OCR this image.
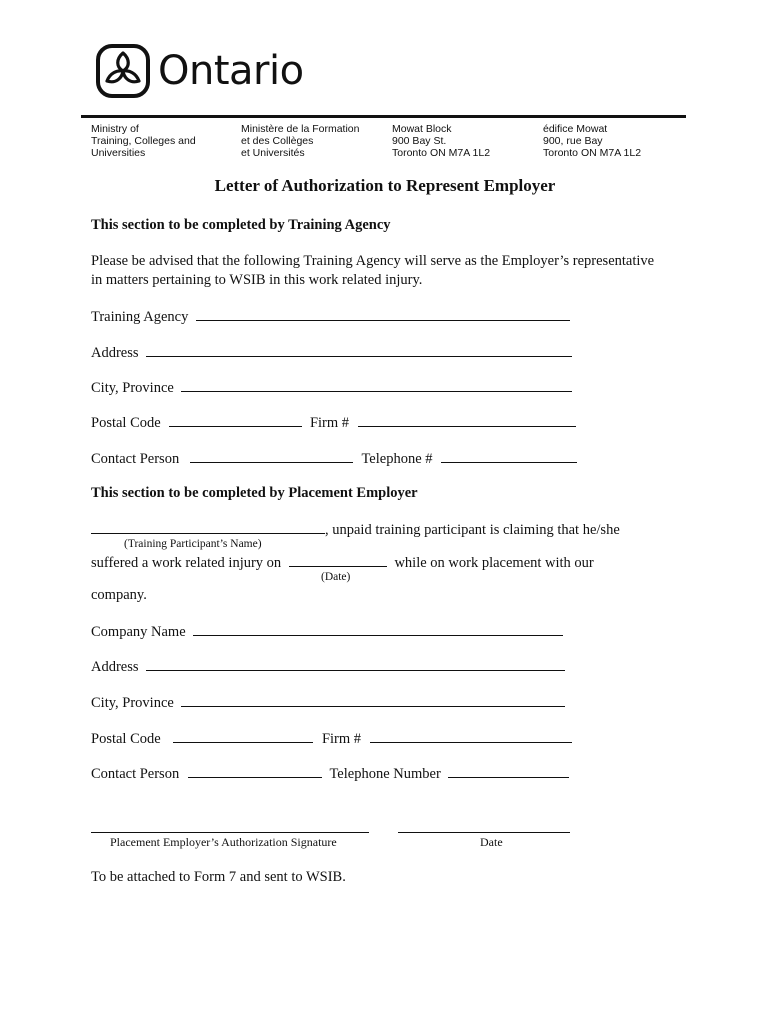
Ontario
Ministry of
Training, Colleges and
Universities
Ministère de la Formation
et des Collèges
et Universités
Mowat Block
900 Bay St.
Toronto ON M7A 1L2
édifice Mowat
900, rue Bay
Toronto ON M7A 1L2
Letter of Authorization to Represent Employer
This section to be completed by Training Agency
Please be advised that the following Training Agency will serve as the Employer’s representative
in matters pertaining to WSIB in this work related injury.
Training Agency
Address
City, Province
Postal Code	Firm #
Contact Person	Telephone #
This section to be completed by Placement Employer
, unpaid training participant is claiming that he/she
(Training Participant’s Name)
suffered a work related injury on	while on work placement with our
(Date)
company.
Company Name
Address
City, Province
Postal Code	Firm #
Contact Person	Telephone Number
Placement Employer’s Authorization Signature	Date
To be attached to Form 7 and sent to WSIB.
